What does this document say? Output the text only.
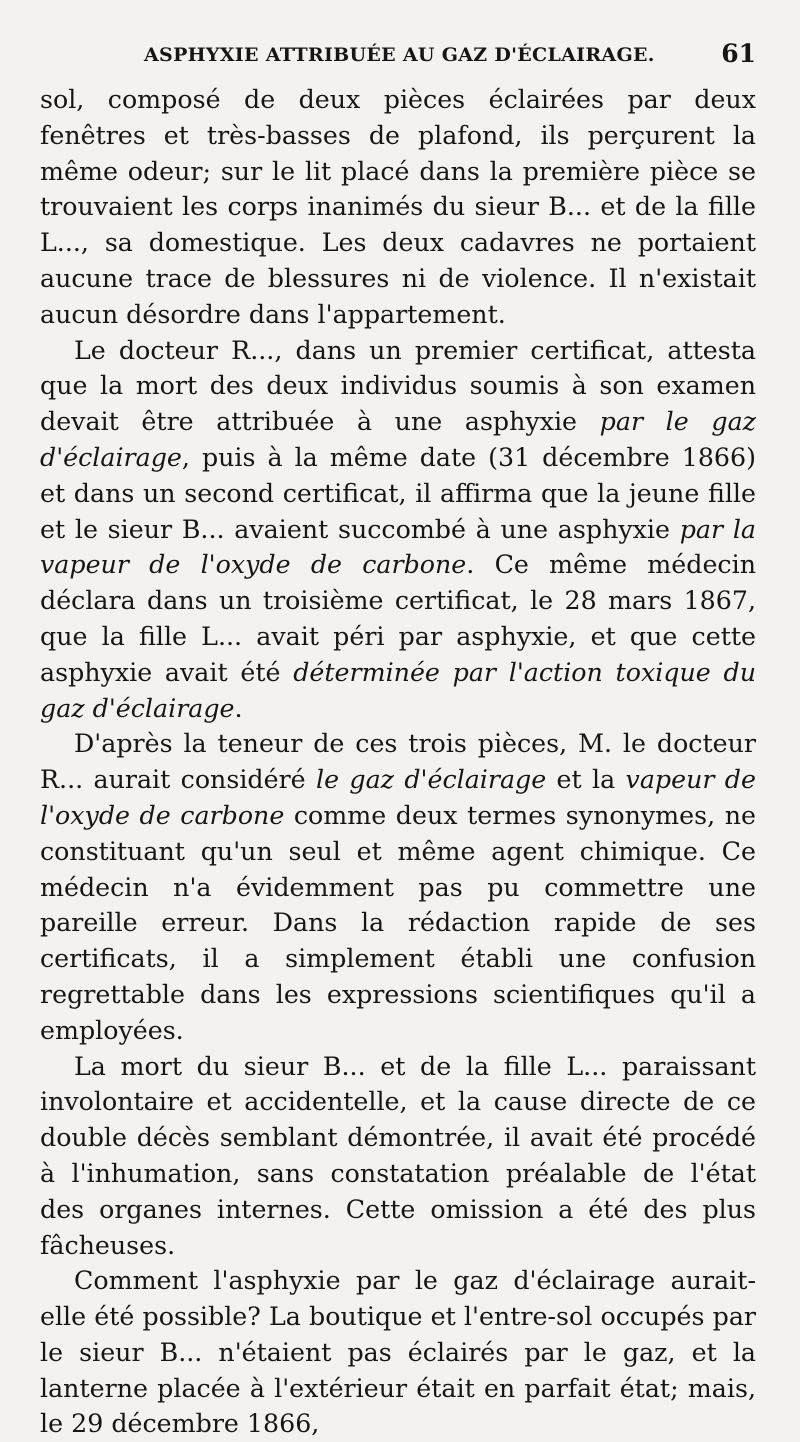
ASPHYXIE ATTRIBUÉE AU GAZ D'ÉCLAIRAGE.	61

sol, composé de deux pièces éclairées par deux fenêtres et très-basses de plafond, ils perçurent la même odeur; sur le lit placé dans la première pièce se trouvaient les corps inanimés du sieur B... et de la fille L..., sa domestique. Les deux cadavres ne portaient aucune trace de blessures ni de violence. Il n'existait aucun désordre dans l'appartement.

Le docteur R..., dans un premier certificat, attesta que la mort des deux individus soumis à son examen devait être attribuée à une asphyxie par le gaz d'éclairage, puis à la même date (31 décembre 1866) et dans un second certificat, il affirma que la jeune fille et le sieur B... avaient succombé à une asphyxie par la vapeur de l'oxyde de carbone. Ce même médecin déclara dans un troisième certificat, le 28 mars 1867, que la fille L... avait péri par asphyxie, et que cette asphyxie avait été déterminée par l'action toxique du gaz d'éclairage.

D'après la teneur de ces trois pièces, M. le docteur R... aurait considéré le gaz d'éclairage et la vapeur de l'oxyde de carbone comme deux termes synonymes, ne constituant qu'un seul et même agent chimique. Ce médecin n'a évidemment pas pu commettre une pareille erreur. Dans la rédaction rapide de ses certificats, il a simplement établi une confusion regrettable dans les expressions scientifiques qu'il a employées.

La mort du sieur B... et de la fille L... paraissant involontaire et accidentelle, et la cause directe de ce double décès semblant démontrée, il avait été procédé à l'inhumation, sans constatation préalable de l'état des organes internes. Cette omission a été des plus fâcheuses.

Comment l'asphyxie par le gaz d'éclairage aurait-elle été possible? La boutique et l'entre-sol occupés par le sieur B... n'étaient pas éclairés par le gaz, et la lanterne placée à l'extérieur était en parfait état; mais, le 29 décembre 1866,
